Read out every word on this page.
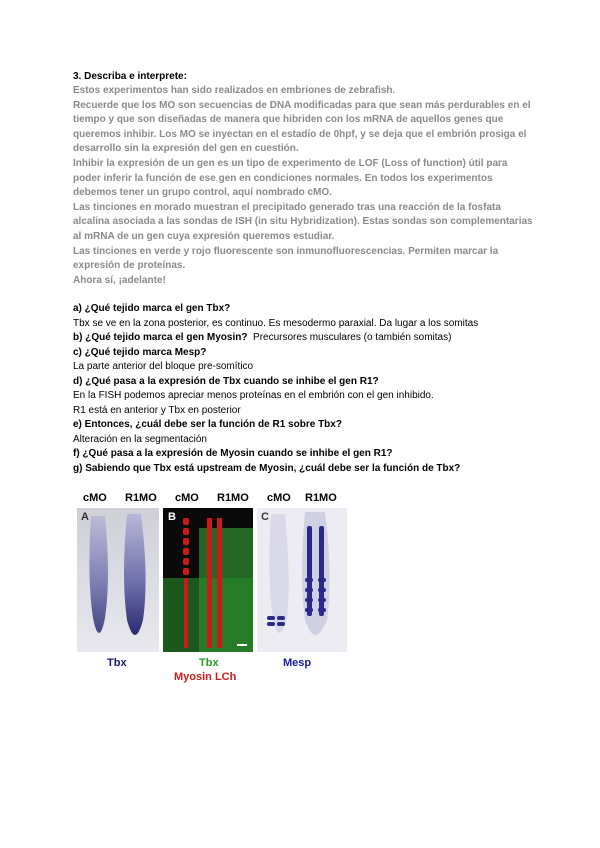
3. Describa e interprete:

Estos experimentos han sido realizados en embriones de zebrafish.

Recuerde que los MO son secuencias de DNA modificadas para que sean más perdurables en el tiempo y que son diseñadas de manera que hibriden con los mRNA de aquellos genes que queremos inhibir. Los MO se inyectan en el estadío de 0hpf, y se deja que el embrión prosiga el desarrollo sin la expresión del gen en cuestión.

Inhibir la expresión de un gen es un tipo de experimento de LOF (Loss of function) útil para poder inferir la función de ese gen en condiciones normales. En todos los experimentos debemos tener un grupo control, aquí nombrado cMO.

Las tinciones en morado muestran el precipitado generado tras una reacción de la fosfata alcalina asociada a las sondas de ISH (in situ Hybridization). Estas sondas son complementarias al mRNA de un gen cuya expresión queremos estudiar.

Las tinciones en verde y rojo fluorescente son inmunofluorescencias. Permiten marcar la expresión de proteínas.

Ahora sí, ¡adelante!

a) ¿Qué tejido marca el gen Tbx?

Tbx se ve en la zona posterior, es continuo. Es mesodermo paraxial. Da lugar a los somitas

b) ¿Qué tejido marca el gen Myosin? Precursores musculares (o también somitas)

c) ¿Qué tejido marca Mesp?

La parte anterior del bloque pre-somítico

d) ¿Qué pasa a la expresión de Tbx cuando se inhibe el gen R1?

En la FISH podemos apreciar menos proteínas en el embrión con el gen inhibido.

R1 está en anterior y Tbx en posterior

e) Entonces, ¿cuál debe ser la función de R1 sobre Tbx?

Alteración en la segmentación

f) ¿Qué pasa a la expresión de Myosin cuando se inhibe el gen R1?

g) Sabiendo que Tbx está upstream de Myosin, ¿cuál debe ser la función de Tbx?

cMO R1MO cMO R1MO cMO R1MO
A	B	C
Tbx	Tbx
Myosin LCh
Mesp
